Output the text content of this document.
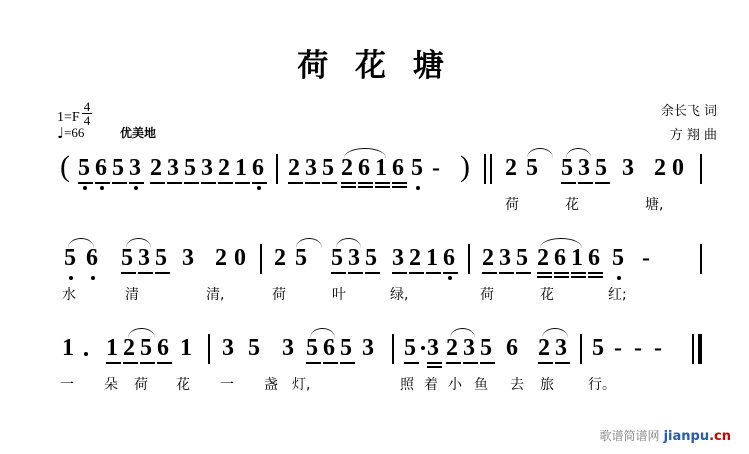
荷 花 塘
$1=F \frac{4}{4}$
♩=66	优美地
余长飞 词
方 翔 曲
( 5 6 5 3 2 3 5 3 2 1 6 2 3 5 2 6 1 6 5 - ) 2 5 5 3 5 3 2 0
荷	花	塘,
5 6 5 3 5 3 2 0 2 5 5 3 5 3 2 1 6 2 3 5 2 6 1 6 5 -
水	清	清,	荷	叶	绿,	荷	花	红;
1 1 2 5 6 1 3 5 3 5 6 5 3 5 3 2 3 5 6 2 3 5 - - -
一 朵 荷 花 一 盏 灯,	照 着 小 鱼 去 旅 行。
歌谱简谱网 jianpu.cn
